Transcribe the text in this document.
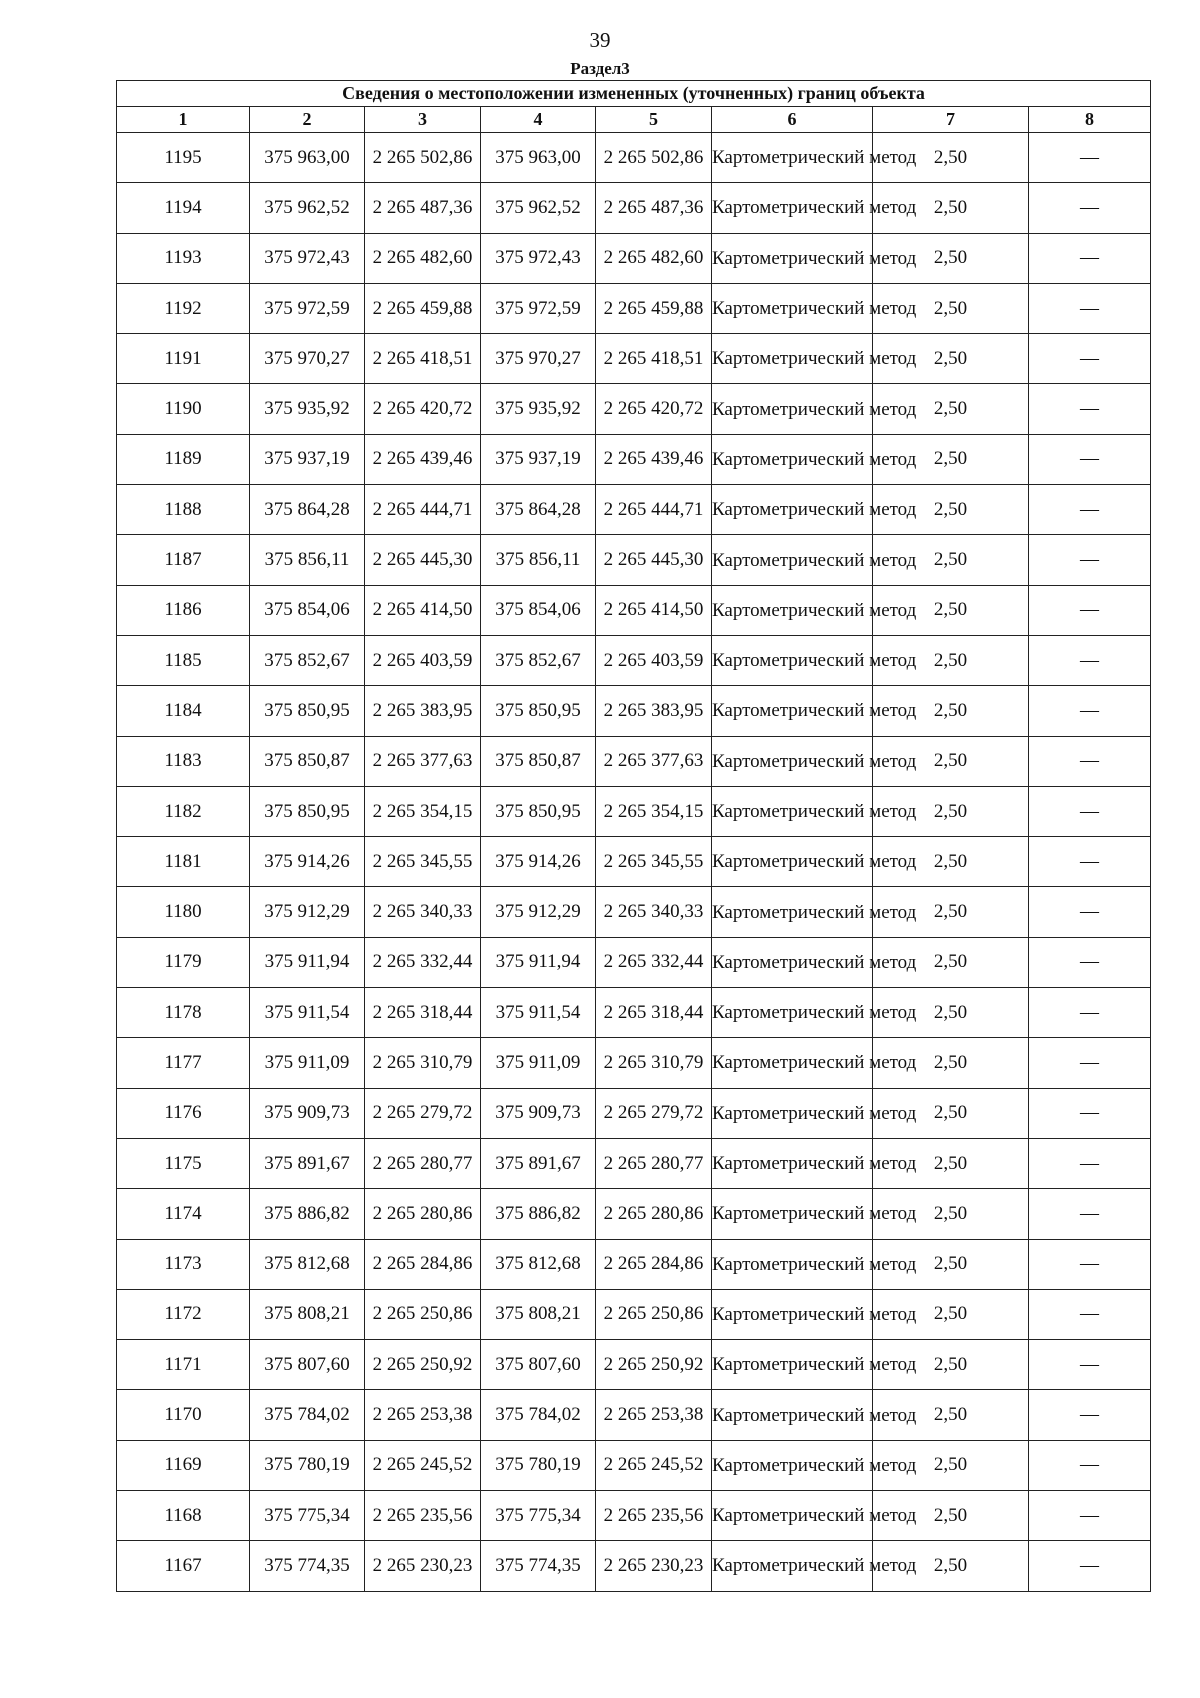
39
Раздел3
Сведения о местоположении измененных (уточненных) границ объекта							
1	2	3	4	5	6	7	8
1195	375 963,00	2 265 502,86	375 963,00	2 265 502,86	Картометрический метод	2,50	—
1194	375 962,52	2 265 487,36	375 962,52	2 265 487,36	Картометрический метод	2,50	—
1193	375 972,43	2 265 482,60	375 972,43	2 265 482,60	Картометрический метод	2,50	—
1192	375 972,59	2 265 459,88	375 972,59	2 265 459,88	Картометрический метод	2,50	—
1191	375 970,27	2 265 418,51	375 970,27	2 265 418,51	Картометрический метод	2,50	—
1190	375 935,92	2 265 420,72	375 935,92	2 265 420,72	Картометрический метод	2,50	—
1189	375 937,19	2 265 439,46	375 937,19	2 265 439,46	Картометрический метод	2,50	—
1188	375 864,28	2 265 444,71	375 864,28	2 265 444,71	Картометрический метод	2,50	—
1187	375 856,11	2 265 445,30	375 856,11	2 265 445,30	Картометрический метод	2,50	—
1186	375 854,06	2 265 414,50	375 854,06	2 265 414,50	Картометрический метод	2,50	—
1185	375 852,67	2 265 403,59	375 852,67	2 265 403,59	Картометрический метод	2,50	—
1184	375 850,95	2 265 383,95	375 850,95	2 265 383,95	Картометрический метод	2,50	—
1183	375 850,87	2 265 377,63	375 850,87	2 265 377,63	Картометрический метод	2,50	—
1182	375 850,95	2 265 354,15	375 850,95	2 265 354,15	Картометрический метод	2,50	—
1181	375 914,26	2 265 345,55	375 914,26	2 265 345,55	Картометрический метод	2,50	—
1180	375 912,29	2 265 340,33	375 912,29	2 265 340,33	Картометрический метод	2,50	—
1179	375 911,94	2 265 332,44	375 911,94	2 265 332,44	Картометрический метод	2,50	—
1178	375 911,54	2 265 318,44	375 911,54	2 265 318,44	Картометрический метод	2,50	—
1177	375 911,09	2 265 310,79	375 911,09	2 265 310,79	Картометрический метод	2,50	—
1176	375 909,73	2 265 279,72	375 909,73	2 265 279,72	Картометрический метод	2,50	—
1175	375 891,67	2 265 280,77	375 891,67	2 265 280,77	Картометрический метод	2,50	—
1174	375 886,82	2 265 280,86	375 886,82	2 265 280,86	Картометрический метод	2,50	—
1173	375 812,68	2 265 284,86	375 812,68	2 265 284,86	Картометрический метод	2,50	—
1172	375 808,21	2 265 250,86	375 808,21	2 265 250,86	Картометрический метод	2,50	—
1171	375 807,60	2 265 250,92	375 807,60	2 265 250,92	Картометрический метод	2,50	—
1170	375 784,02	2 265 253,38	375 784,02	2 265 253,38	Картометрический метод	2,50	—
1169	375 780,19	2 265 245,52	375 780,19	2 265 245,52	Картометрический метод	2,50	—
1168	375 775,34	2 265 235,56	375 775,34	2 265 235,56	Картометрический метод	2,50	—
1167	375 774,35	2 265 230,23	375 774,35	2 265 230,23	Картометрический метод	2,50	—
